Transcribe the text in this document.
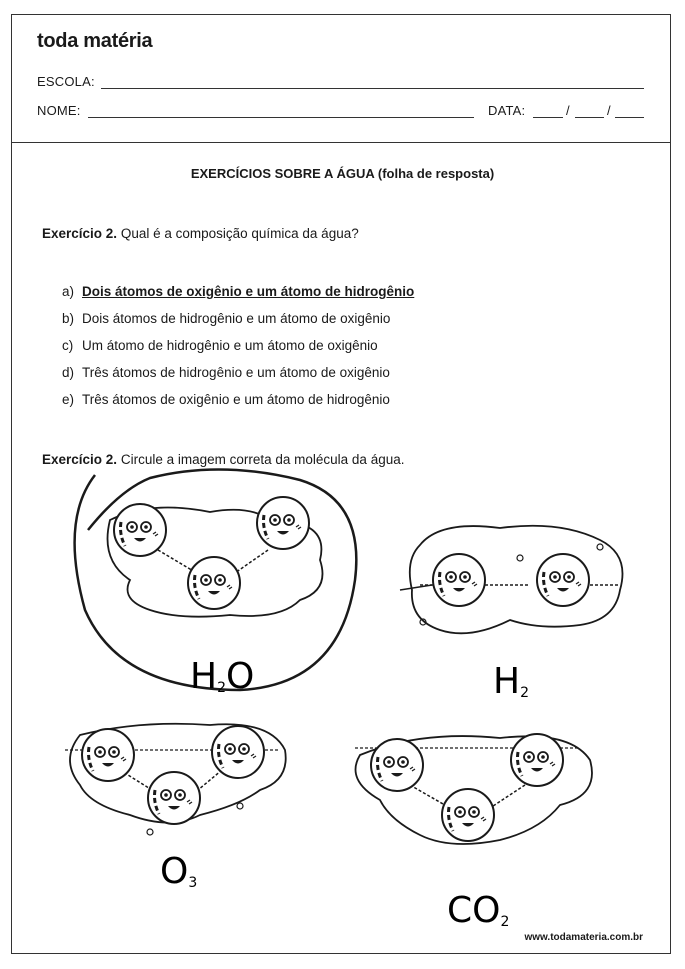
toda matéria
ESCOLA:
NOME:	DATA:	/	/
EXERCÍCIOS SOBRE A ÁGUA (folha de resposta)
Exercício 2. Qual é a composição química da água?
a) Dois átomos de oxigênio e um átomo de hidrogênio
b) Dois átomos de hidrogênio e um átomo de oxigênio
c) Um átomo de hidrogênio e um átomo de oxigênio
d) Três átomos de hidrogênio e um átomo de oxigênio
e) Três átomos de oxigênio e um átomo de hidrogênio
Exercício 2. Circule a imagem correta da molécula da água.
H2O	H2
O3
CO2
www.todamateria.com.br
